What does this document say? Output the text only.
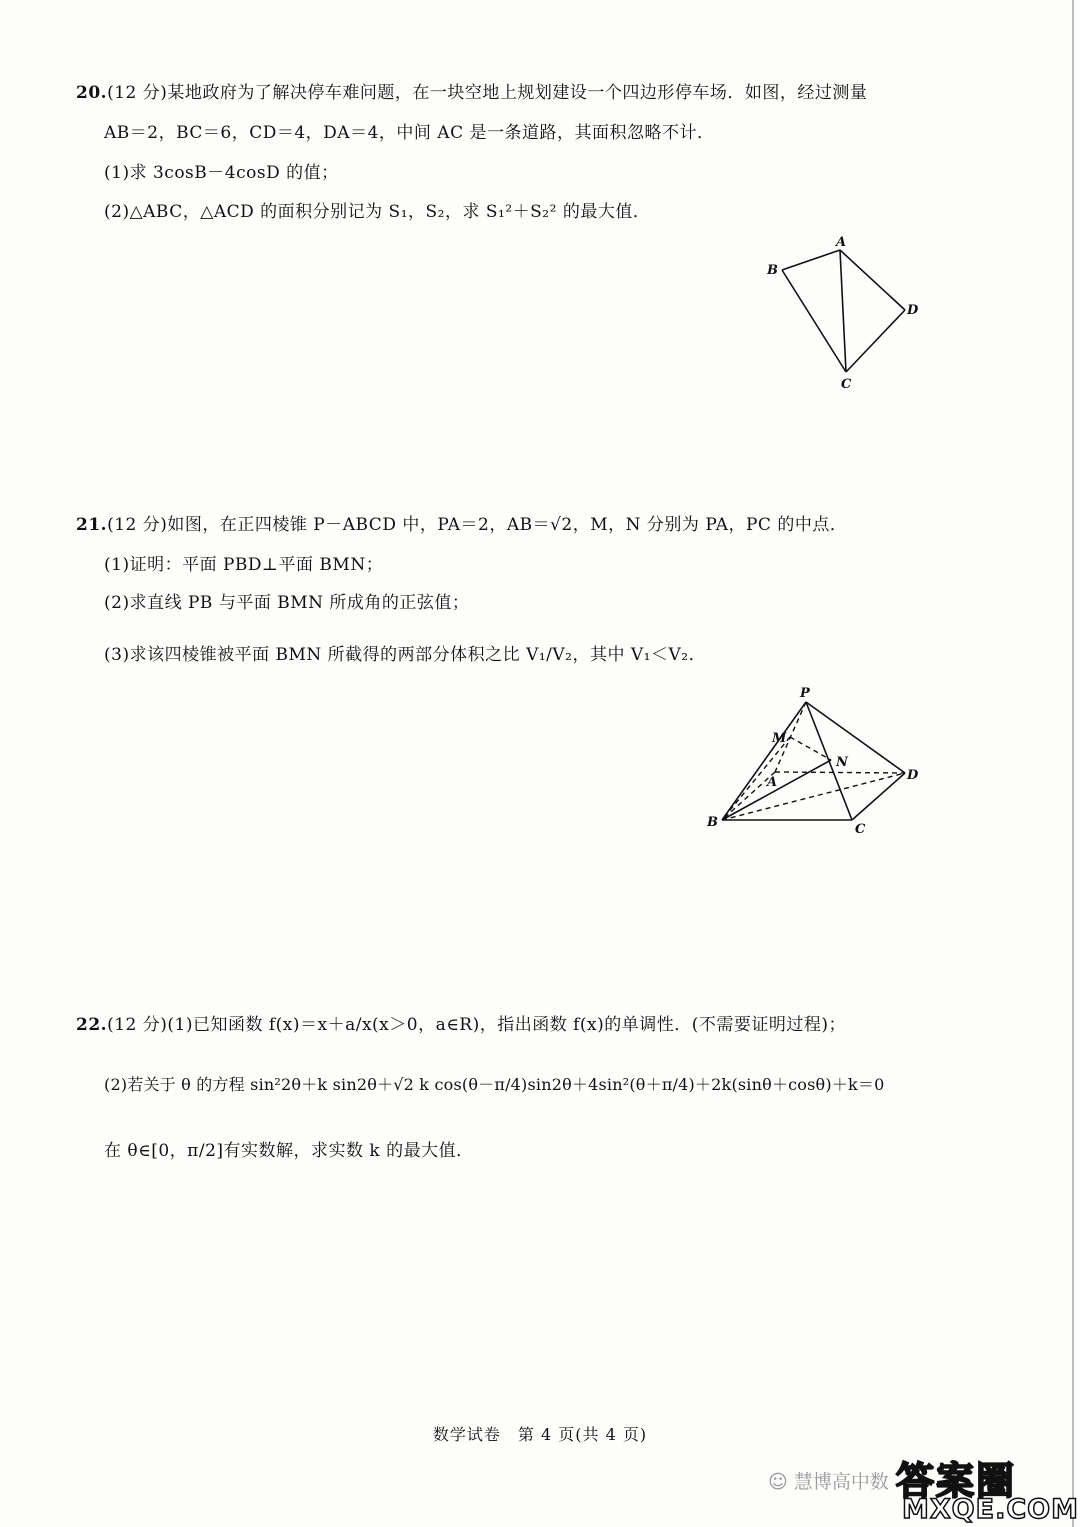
20.(12 分)某地政府为了解决停车难问题，在一块空地上规划建设一个四边形停车场．如图，经过测量
AB＝2，BC＝6，CD＝4，DA＝4，中间 AC 是一条道路，其面积忽略不计．
(1)求 3cosB－4cosD 的值；
(2)△ABC，△ACD 的面积分别记为 S₁，S₂，求 S₁²＋S₂² 的最大值．
A
B
C
D
21.(12 分)如图，在正四棱锥 P－ABCD 中，PA＝2，AB＝√2，M，N 分别为 PA，PC 的中点．
(1)证明：平面 PBD⊥平面 BMN；
(2)求直线 PB 与平面 BMN 所成角的正弦值；
(3)求该四棱锥被平面 BMN 所截得的两部分体积之比 V₁/V₂，其中 V₁＜V₂．
P
M
N
A
B	C
D
22.(12 分)(1)已知函数 f(x)＝x＋a/x(x＞0，a∈R)，指出函数 f(x)的单调性．(不需要证明过程)；
(2)若关于 θ 的方程 sin²2θ＋k sin2θ＋√2 k cos(θ－π/4)sin2θ＋4sin²(θ＋π/4)＋2k(sinθ＋cosθ)＋k＝0
在 θ∈[0，π/2]有实数解，求实数 k 的最大值．
数学试卷　第 4 页(共 4 页)
☺ 慧博高中数 答案圈
MXQE.COM
